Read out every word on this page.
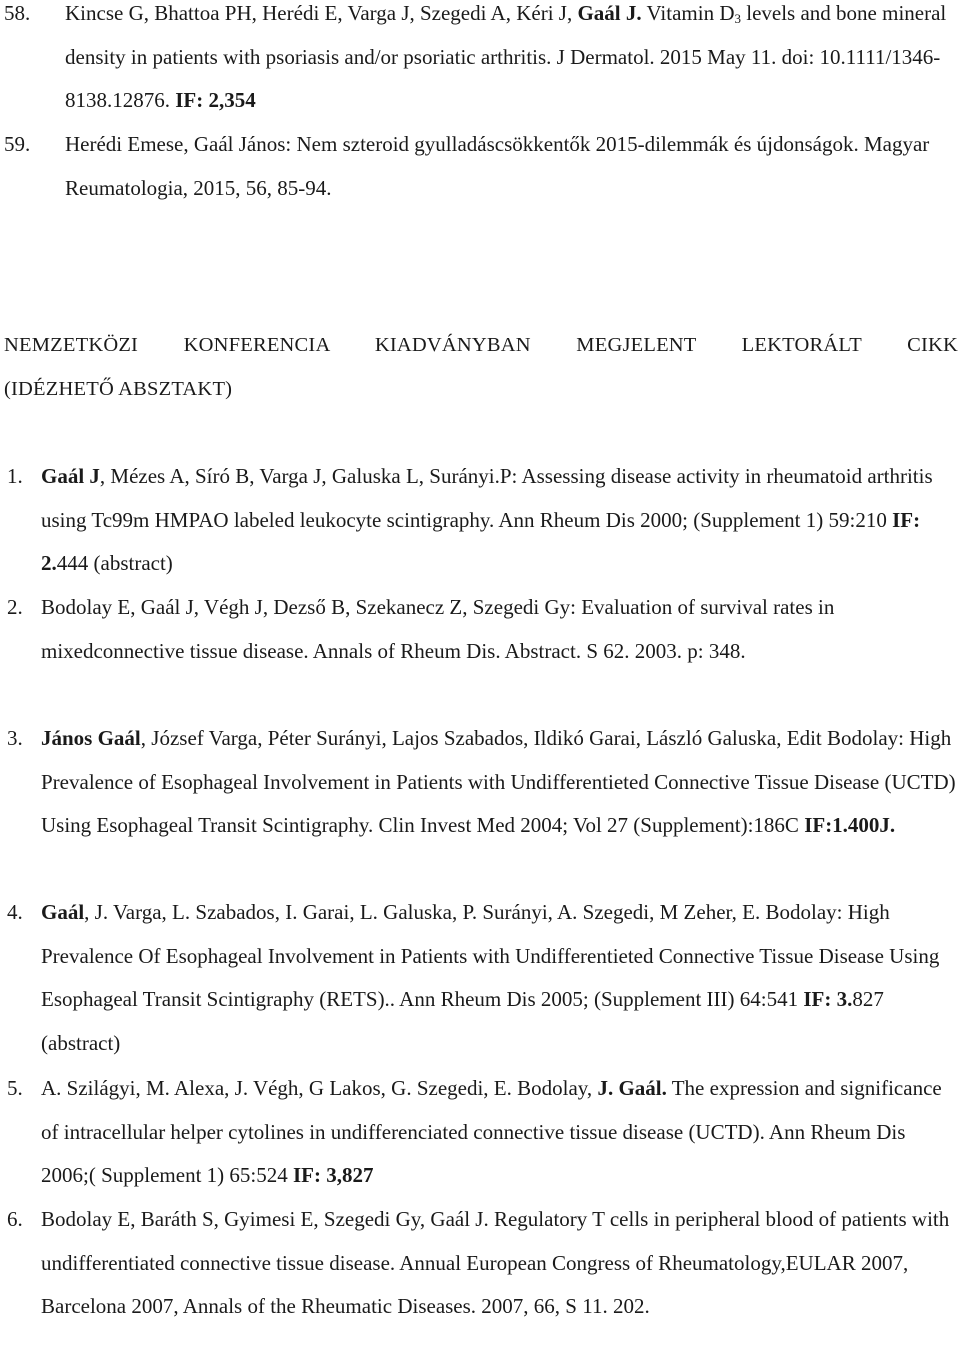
58. Kincse G, Bhattoa PH, Herédi E, Varga J, Szegedi A, Kéri J, Gaál J. Vitamin $D_3$ levels and bone mineral density in patients with psoriasis and/or psoriatic arthritis. J Dermatol. 2015 May 11. doi: 10.1111/1346-8138.12876. IF: 2,354
59. Herédi Emese, Gaál János: Nem szteroid gyulladáscsökkentők 2015-dilemmák és újdonságok. Magyar Reumatologia, 2015, 56, 85-94.
NEMZETKÖZI KONFERENCIA KIADVÁNYBAN MEGJELENT LEKTORÁLT CIKK
(IDÉZHETŐ ABSZTAKT)
1. Gaál J, Mézes A, Síró B, Varga J, Galuska L, Surányi.P: Assessing disease activity in rheumatoid arthritis using Tc99m HMPAO labeled leukocyte scintigraphy. Ann Rheum Dis 2000; (Supplement 1) 59:210 IF: 2.444 (abstract)
2. Bodolay E, Gaál J, Végh J, Dezső B, Szekanecz Z, Szegedi Gy: Evaluation of survival rates in mixedconnective tissue disease. Annals of Rheum Dis. Abstract. S 62. 2003. p: 348.
3. János Gaál, József Varga, Péter Surányi, Lajos Szabados, Ildikó Garai, László Galuska, Edit Bodolay: High Prevalence of Esophageal Involvement in Patients with Undifferentieted Connective Tissue Disease (UCTD) Using Esophageal Transit Scintigraphy. Clin Invest Med 2004; Vol 27 (Supplement):186C IF:1.400J.
4. Gaál, J. Varga, L. Szabados, I. Garai, L. Galuska, P. Surányi, A. Szegedi, M Zeher, E. Bodolay: High Prevalence Of Esophageal Involvement in Patients with Undifferentieted Connective Tissue Disease Using Esophageal Transit Scintigraphy (RETS).. Ann Rheum Dis 2005; (Supplement III) 64:541 IF: 3.827 (abstract)
5. A. Szilágyi, M. Alexa, J. Végh, G Lakos, G. Szegedi, E. Bodolay, J. Gaál. The expression and significance of intracellular helper cytolines in undifferenciated connective tissue disease (UCTD). Ann Rheum Dis 2006;( Supplement 1) 65:524 IF: 3,827
6. Bodolay E, Baráth S, Gyimesi E, Szegedi Gy, Gaál J. Regulatory T cells in peripheral blood of patients with undifferentiated connective tissue disease. Annual European Congress of Rheumatology,EULAR 2007, Barcelona 2007, Annals of the Rheumatic Diseases. 2007, 66, S 11. 202.
